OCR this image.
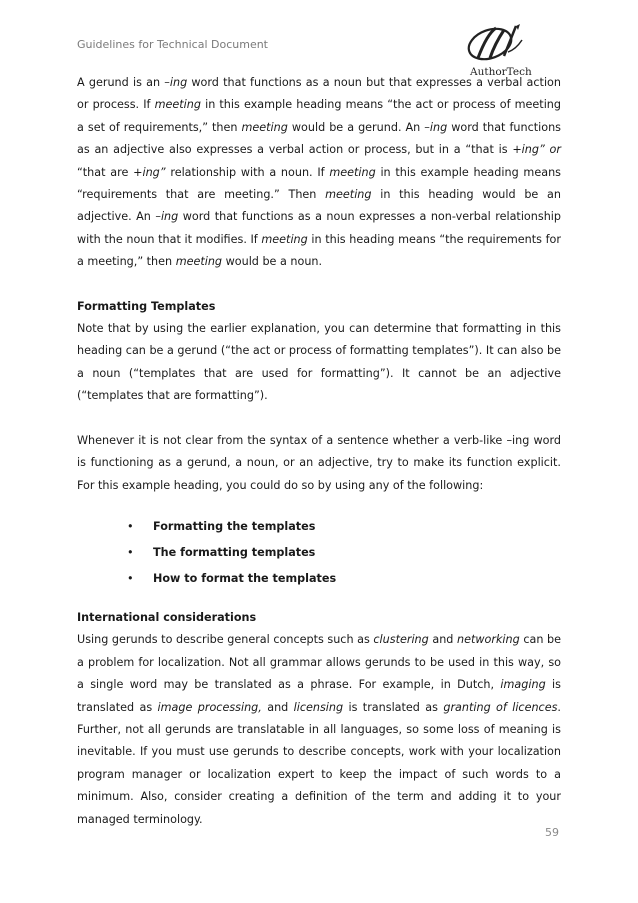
Guidelines for Technical Document
AuthorTech

A gerund is an –ing word that functions as a noun but that expresses a verbal action or process. If meeting in this example heading means “the act or process of meeting a set of requirements,” then meeting would be a gerund. An –ing word that functions as an adjective also expresses a verbal action or process, but in a “that is +ing” or “that are +ing” relationship with a noun. If meeting in this example heading means “requirements that are meeting.” Then meeting in this heading would be an adjective. An –ing word that functions as a noun expresses a non-verbal relationship with the noun that it modifies. If meeting in this heading means “the requirements for a meeting,” then meeting would be a noun.

Formatting Templates

Note that by using the earlier explanation, you can determine that formatting in this heading can be a gerund (“the act or process of formatting templates”). It can also be a noun (“templates that are used for formatting”). It cannot be an adjective (“templates that are formatting”).

Whenever it is not clear from the syntax of a sentence whether a verb-like –ing word is functioning as a gerund, a noun, or an adjective, try to make its function explicit. For this example heading, you could do so by using any of the following:

• Formatting the templates
• The formatting templates
• How to format the templates

International considerations

Using gerunds to describe general concepts such as clustering and networking can be a problem for localization. Not all grammar allows gerunds to be used in this way, so a single word may be translated as a phrase. For example, in Dutch, imaging is translated as image processing, and licensing is translated as granting of licences. Further, not all gerunds are translatable in all languages, so some loss of meaning is inevitable. If you must use gerunds to describe concepts, work with your localization program manager or localization expert to keep the impact of such words to a minimum. Also, consider creating a definition of the term and adding it to your managed terminology.

59
